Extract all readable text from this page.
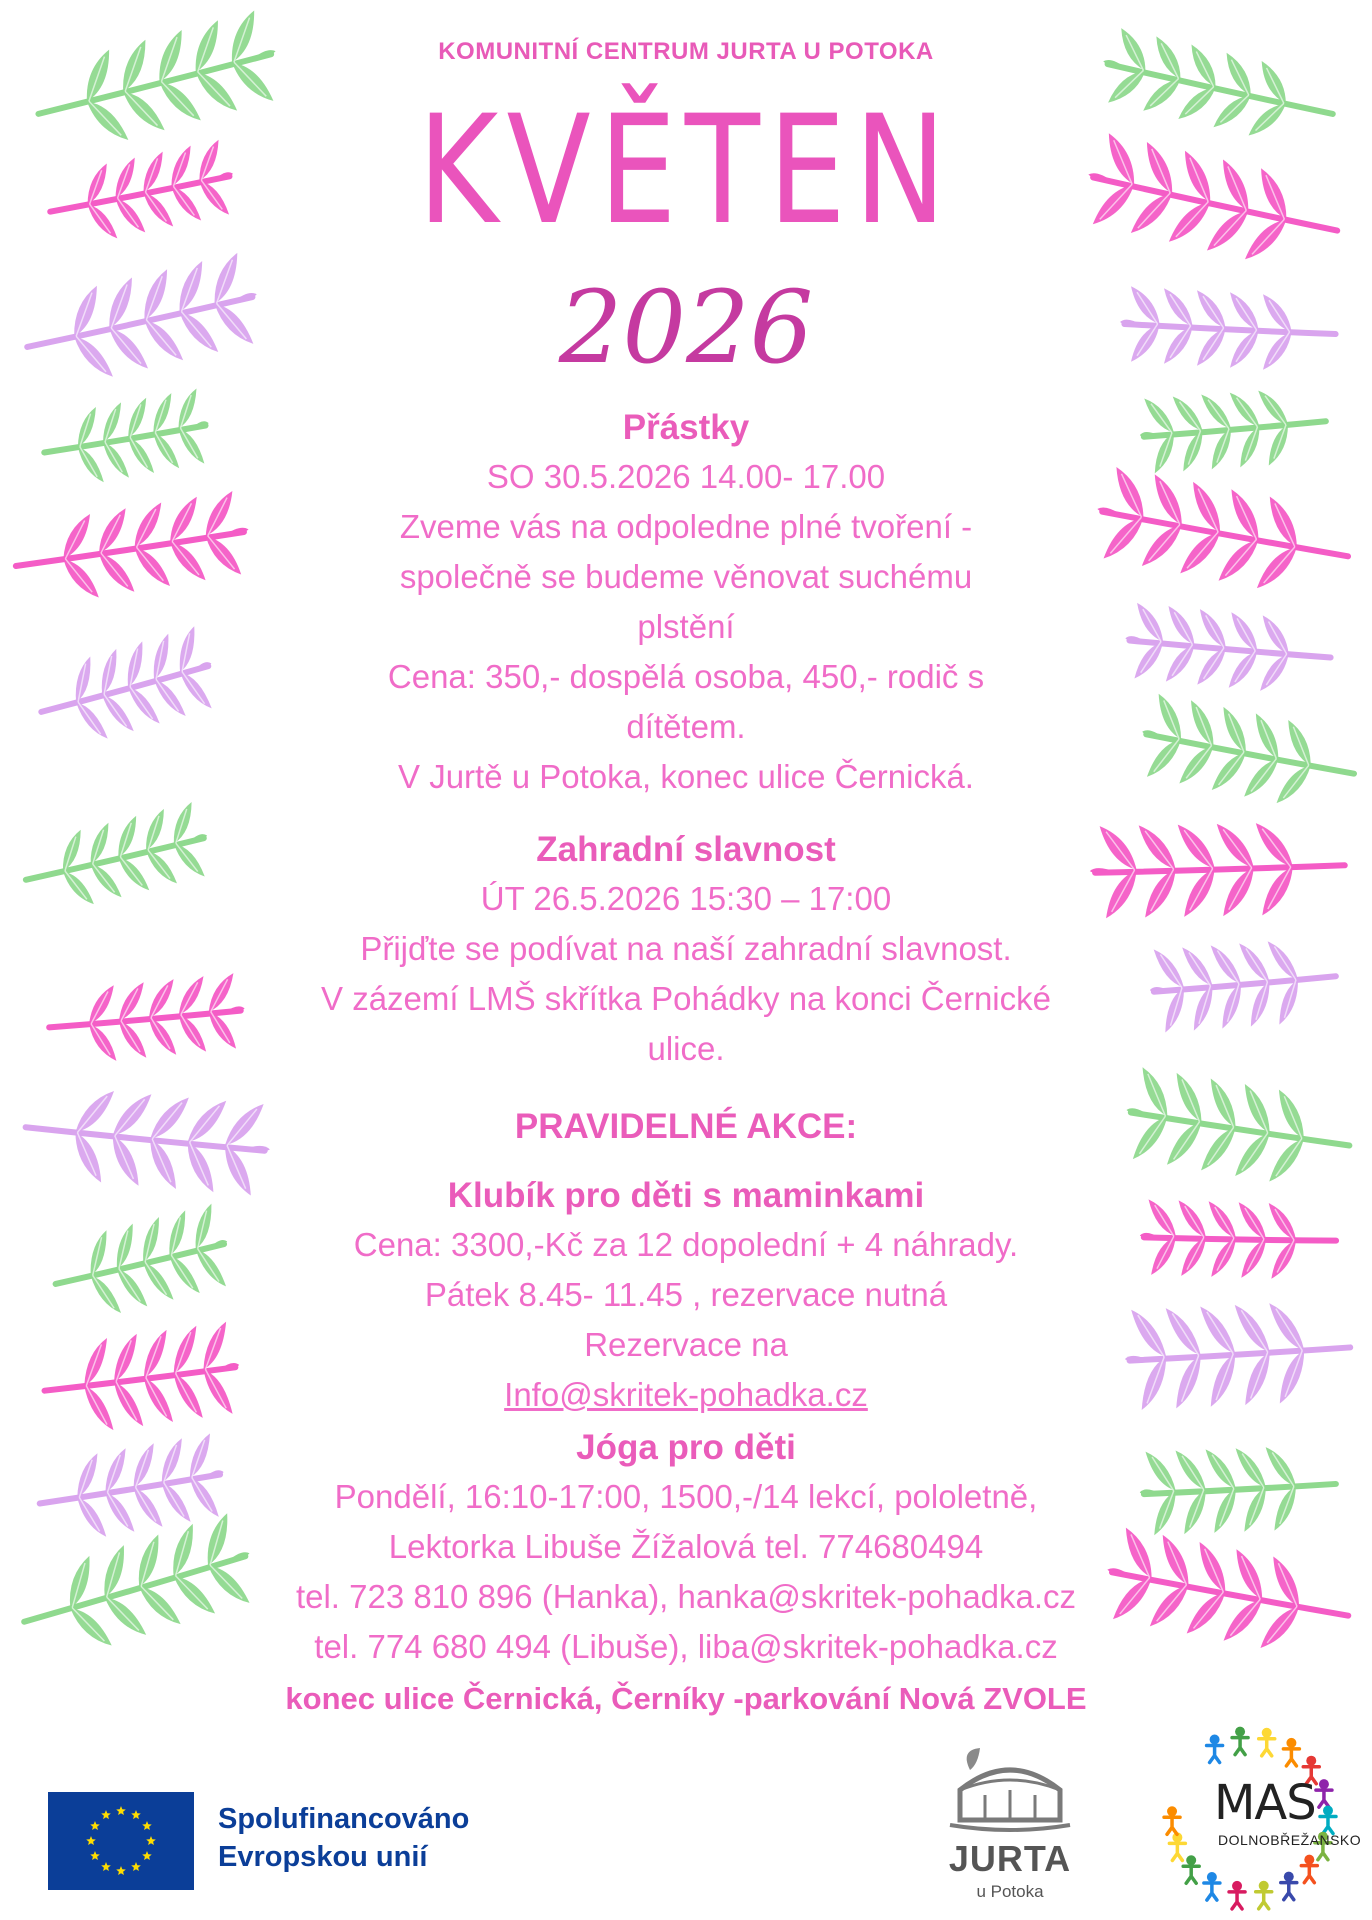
KOMUNITNÍ CENTRUM JURTA U POTOKA
KVĚTEN
2026
Přástky
SO 30.5.2026 14.00- 17.00
Zveme vás na odpoledne plné tvoření -
společně se budeme věnovat suchému
plstění
Cena: 350,- dospělá osoba, 450,- rodič s
dítětem.
V Jurtě u Potoka, konec ulice Černická.
Zahradní slavnost
ÚT 26.5.2026 15:30 – 17:00
Přijďte se podívat na naší zahradní slavnost.
V zázemí LMŠ skřítka Pohádky na konci Černické
ulice.
PRAVIDELNÉ AKCE:
Klubík pro děti s maminkami
Cena: 3300,-Kč za 12 dopolední + 4 náhrady.
Pátek 8.45- 11.45 , rezervace nutná
Rezervace na
Info@skritek-pohadka.cz
Jóga pro děti
Pondělí, 16:10-17:00, 1500,-/14 lekcí, pololetně,
Lektorka Libuše Žížalová tel. 774680494
tel. 723 810 896 (Hanka), hanka@skritek-pohadka.cz
tel. 774 680 494 (Libuše), liba@skritek-pohadka.cz
konec ulice Černická, Černíky -parkování Nová ZVOLE
Spolufinancováno
Evropskou unií	JURTA
u Potoka
MAS
DOLNOBŘEŽANSKO
